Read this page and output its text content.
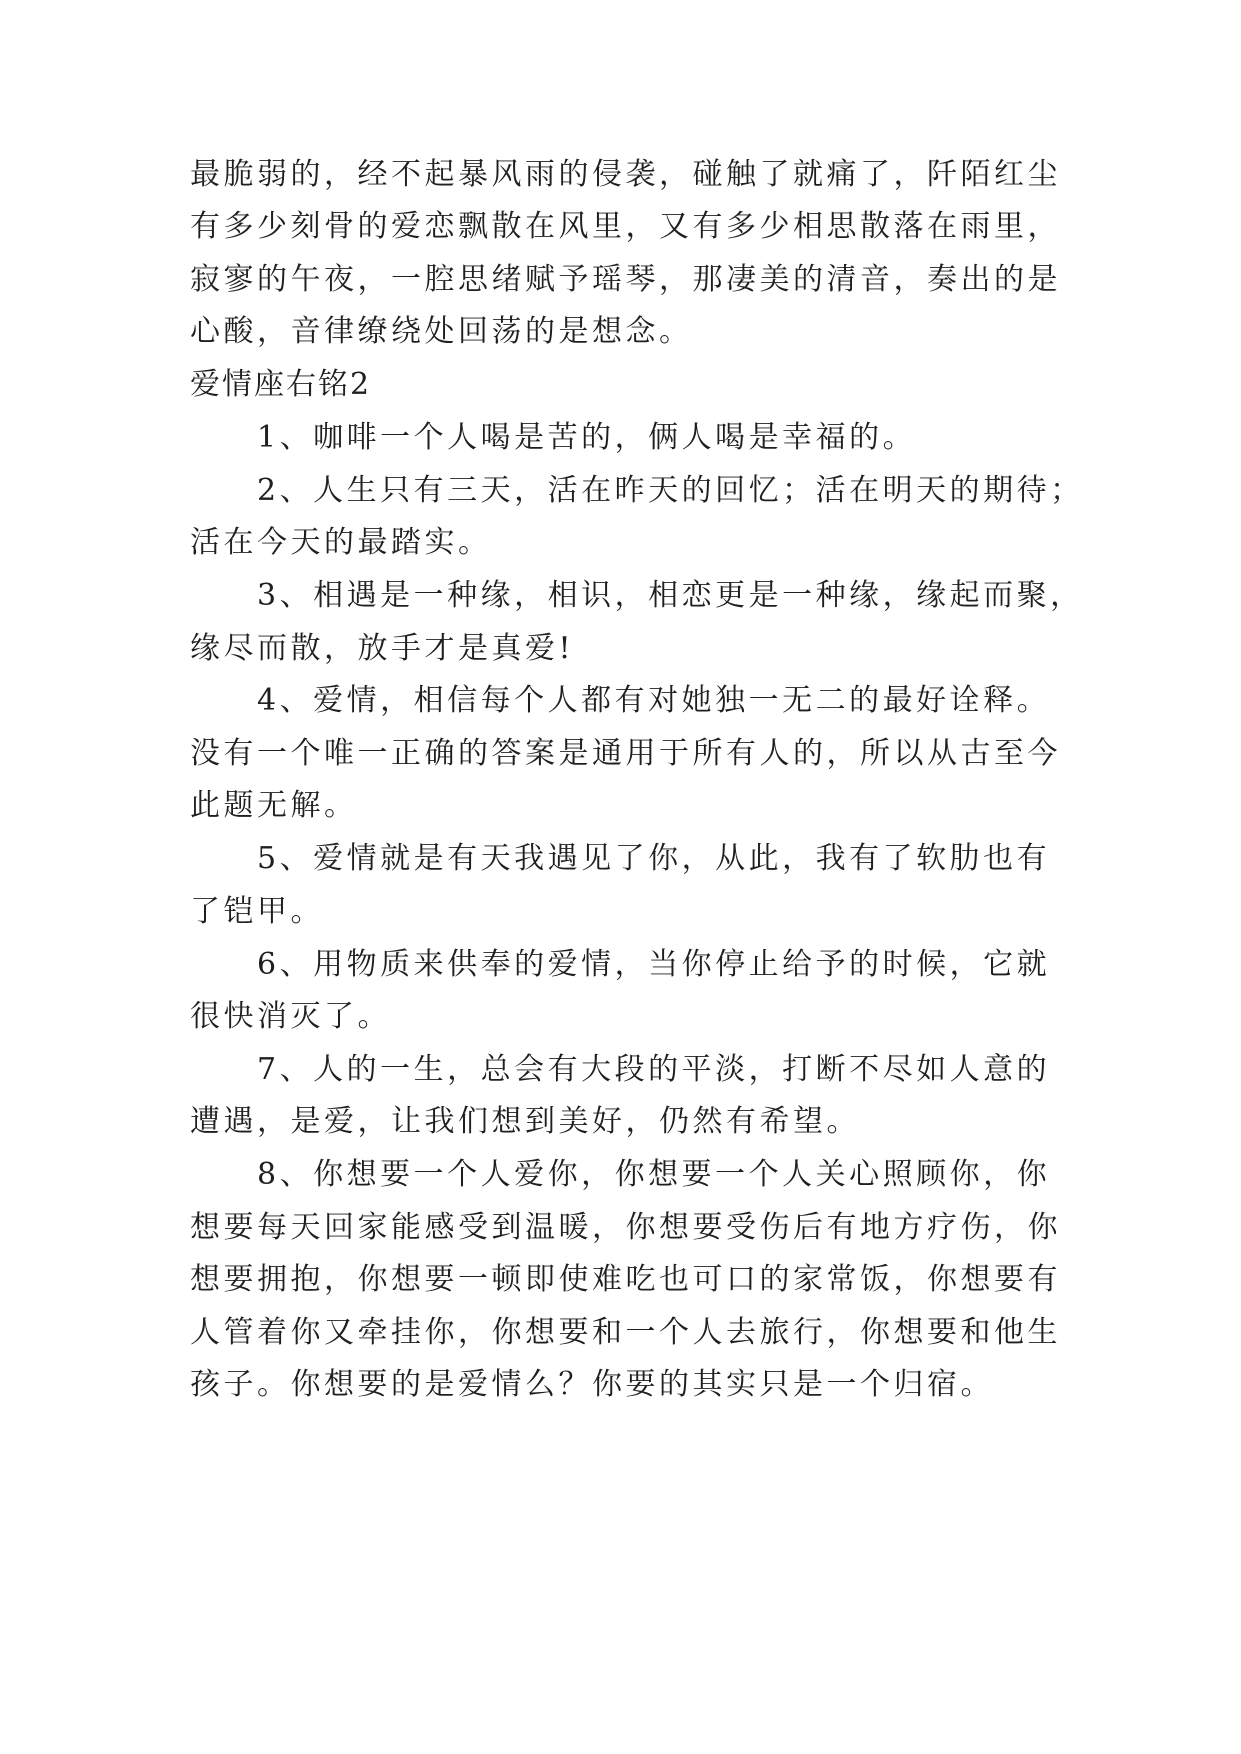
最脆弱的，经不起暴风雨的侵袭，碰触了就痛了，阡陌红尘
有多少刻骨的爱恋飘散在风里，又有多少相思散落在雨里，
寂寥的午夜，一腔思绪赋予瑶琴，那凄美的清音，奏出的是
心酸，音律缭绕处回荡的是想念。
爱情座右铭2
　　1、咖啡一个人喝是苦的，俩人喝是幸福的。
　　2、人生只有三天，活在昨天的回忆；活在明天的期待；
活在今天的最踏实。
　　3、相遇是一种缘，相识，相恋更是一种缘，缘起而聚，
缘尽而散，放手才是真爱!
　　4、爱情，相信每个人都有对她独一无二的最好诠释。
没有一个唯一正确的答案是通用于所有人的，所以从古至今
此题无解。
　　5、爱情就是有天我遇见了你，从此，我有了软肋也有
了铠甲。
　　6、用物质来供奉的爱情，当你停止给予的时候，它就
很快消灭了。
　　7、人的一生，总会有大段的平淡，打断不尽如人意的
遭遇，是爱，让我们想到美好，仍然有希望。
　　8、你想要一个人爱你，你想要一个人关心照顾你，你
想要每天回家能感受到温暖，你想要受伤后有地方疗伤，你
想要拥抱，你想要一顿即使难吃也可口的家常饭，你想要有
人管着你又牵挂你，你想要和一个人去旅行，你想要和他生
孩子。你想要的是爱情么？你要的其实只是一个归宿。
